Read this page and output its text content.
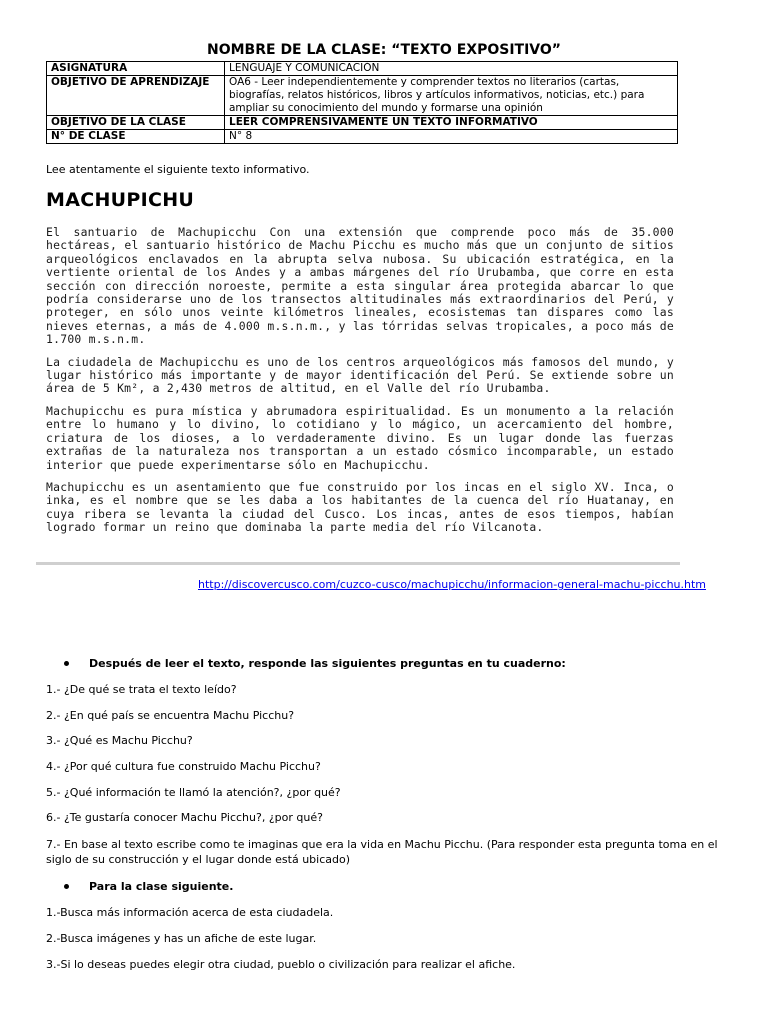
NOMBRE DE LA CLASE: “TEXTO EXPOSITIVO”
ASIGNATURA	LENGUAJE Y COMUNICACIÓN
OBJETIVO DE APRENDIZAJE	OA6 - Leer independientemente y comprender textos no literarios (cartas, biografías, relatos históricos, libros y artículos informativos, noticias, etc.) para ampliar su conocimiento del mundo y formarse una opinión
OBJETIVO DE LA CLASE	LEER COMPRENSIVAMENTE UN TEXTO INFORMATIVO
N° DE CLASE	N° 8
Lee atentamente el siguiente texto informativo.
MACHUPICHU

El santuario de Machupicchu Con una extensión que comprende poco más de 35.000 hectáreas, el santuario histórico de Machu Picchu es mucho más que un conjunto de sitios arqueológicos enclavados en la abrupta selva nubosa. Su ubicación estratégica, en la vertiente oriental de los Andes y a ambas márgenes del río Urubamba, que corre en esta sección con dirección noroeste, permite a esta singular área protegida abarcar lo que podría considerarse uno de los transectos altitudinales más extraordinarios del Perú, y proteger, en sólo unos veinte kilómetros lineales, ecosistemas tan dispares como las nieves eternas, a más de 4.000 m.s.n.m., y las tórridas selvas tropicales, a poco más de 1.700 m.s.n.m.

La ciudadela de Machupicchu es uno de los centros arqueológicos más famosos del mundo, y lugar histórico más importante y de mayor identificación del Perú. Se extiende sobre un área de 5 Km², a 2,430 metros de altitud, en el Valle del río Urubamba.

Machupicchu es pura mística y abrumadora espiritualidad. Es un monumento a la relación entre lo humano y lo divino, lo cotidiano y lo mágico, un acercamiento del hombre, criatura de los dioses, a lo verdaderamente divino. Es un lugar donde las fuerzas extrañas de la naturaleza nos transportan a un estado cósmico incomparable, un estado interior que puede experimentarse sólo en Machupicchu.

Machupicchu es un asentamiento que fue construido por los incas en el siglo XV. Inca, o inka, es el nombre que se les daba a los habitantes de la cuenca del río Huatanay, en cuya ribera se levanta la ciudad del Cusco. Los incas, antes de esos tiempos, habían logrado formar un reino que dominaba la parte media del río Vilcanota.

http://discovercusco.com/cuzco-cusco/machupicchu/informacion-general-machu-picchu.htm
Después de leer el texto, responde las siguientes preguntas en tu cuaderno:
1.- ¿De qué se trata el texto leído?
2.- ¿En qué país se encuentra Machu Picchu?
3.- ¿Qué es Machu Picchu?
4.- ¿Por qué cultura fue construido Machu Picchu?
5.- ¿Qué información te llamó la atención?, ¿por qué?
6.- ¿Te gustaría conocer Machu Picchu?, ¿por qué?
7.- En base al texto escribe como te imaginas que era la vida en Machu Picchu. (Para responder esta pregunta toma en el siglo de su construcción y el lugar donde está ubicado)
Para la clase siguiente.
1.-Busca más información acerca de esta ciudadela.
2.-Busca imágenes y has un afiche de este lugar.
3.-Si lo deseas puedes elegir otra ciudad, pueblo o civilización para realizar el afiche.
